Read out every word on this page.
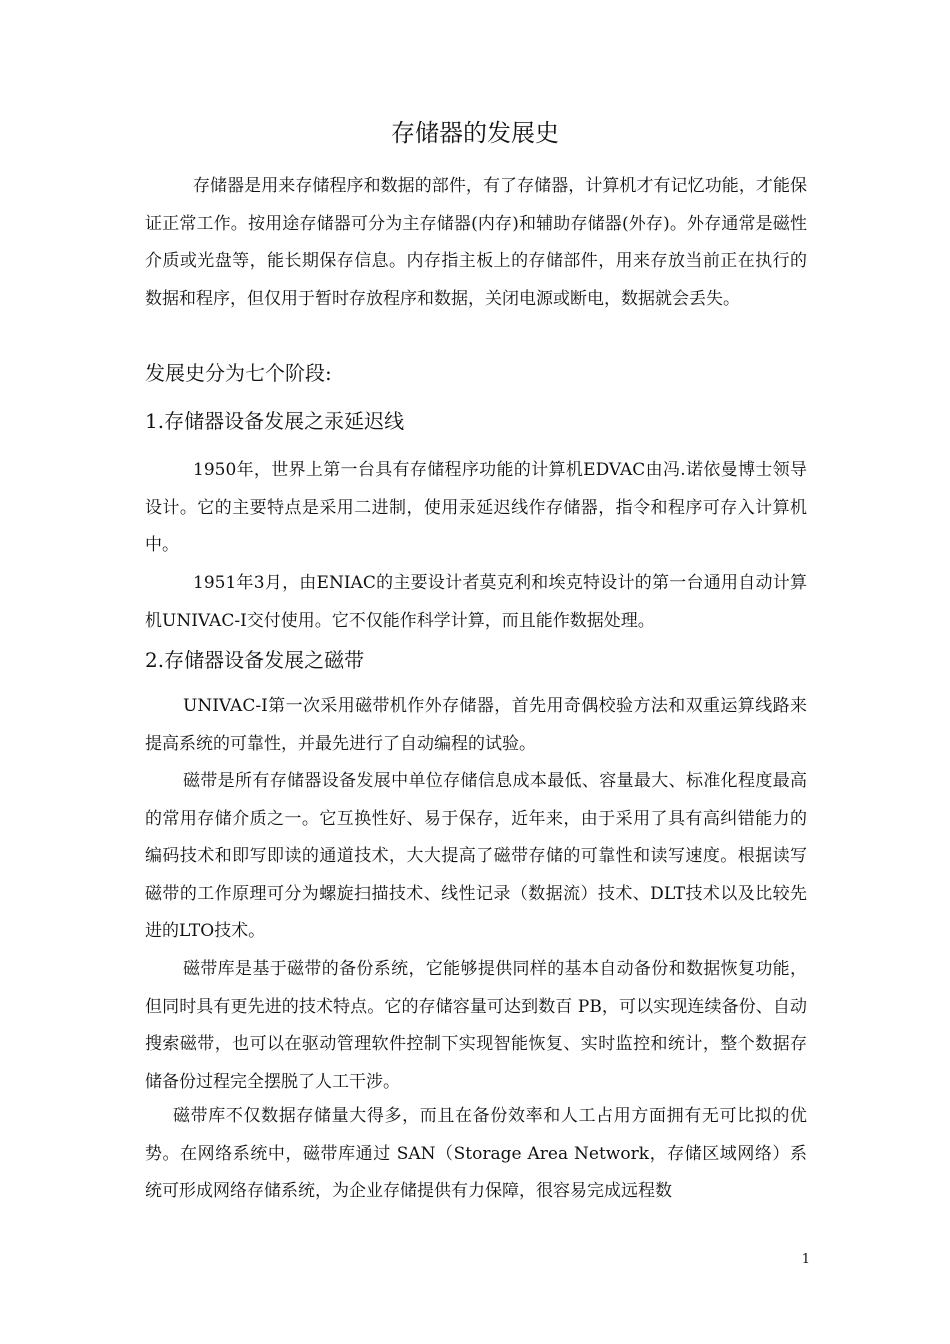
存储器的发展史

存储器是用来存储程序和数据的部件，有了存储器，计算机才有记忆功能，才能保证正常工作。按用途存储器可分为主存储器(内存)和辅助存储器(外存)。外存通常是磁性介质或光盘等，能长期保存信息。内存指主板上的存储部件，用来存放当前正在执行的数据和程序，但仅用于暂时存放程序和数据，关闭电源或断电，数据就会丢失。

发展史分为七个阶段:

1.存储器设备发展之汞延迟线

1950年，世界上第一台具有存储程序功能的计算机EDVAC由冯.诺依曼博士领导设计。它的主要特点是采用二进制，使用汞延迟线作存储器，指令和程序可存入计算机中。

1951年3月，由ENIAC的主要设计者莫克利和埃克特设计的第一台通用自动计算机UNIVAC-I交付使用。它不仅能作科学计算，而且能作数据处理。

2.存储器设备发展之磁带

UNIVAC-I第一次采用磁带机作外存储器，首先用奇偶校验方法和双重运算线路来提高系统的可靠性，并最先进行了自动编程的试验。

磁带是所有存储器设备发展中单位存储信息成本最低、容量最大、标准化程度最高的常用存储介质之一。它互换性好、易于保存，近年来，由于采用了具有高纠错能力的编码技术和即写即读的通道技术，大大提高了磁带存储的可靠性和读写速度。根据读写磁带的工作原理可分为螺旋扫描技术、线性记录（数据流）技术、DLT技术以及比较先进的LTO技术。

磁带库是基于磁带的备份系统，它能够提供同样的基本自动备份和数据恢复功能，但同时具有更先进的技术特点。它的存储容量可达到数百 PB，可以实现连续备份、自动搜索磁带，也可以在驱动管理软件控制下实现智能恢复、实时监控和统计，整个数据存储备份过程完全摆脱了人工干涉。

磁带库不仅数据存储量大得多，而且在备份效率和人工占用方面拥有无可比拟的优势。在网络系统中，磁带库通过 SAN（Storage Area Network，存储区域网络）系统可形成网络存储系统，为企业存储提供有力保障，很容易完成远程数

1
